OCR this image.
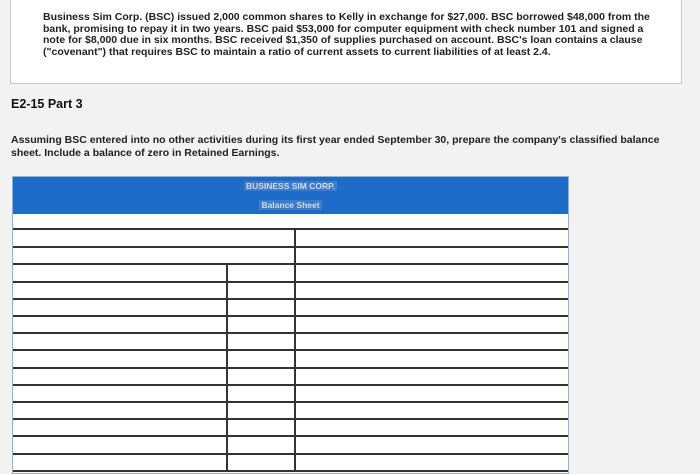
Business Sim Corp. (BSC) issued 2,000 common shares to Kelly in exchange for $27,000. BSC borrowed $48,000 from the bank, promising to repay it in two years. BSC paid $53,000 for computer equipment with check number 101 and signed a note for $8,000 due in six months. BSC received $1,350 of supplies purchased on account. BSC's loan contains a clause ("covenant") that requires BSC to maintain a ratio of current assets to current liabilities of at least 2.4.

E2-15 Part 3

Assuming BSC entered into no other activities during its first year ended September 30, prepare the company's classified balance sheet. Include a balance of zero in Retained Earnings.

BUSINESS SIM CORP.
Balance Sheet
